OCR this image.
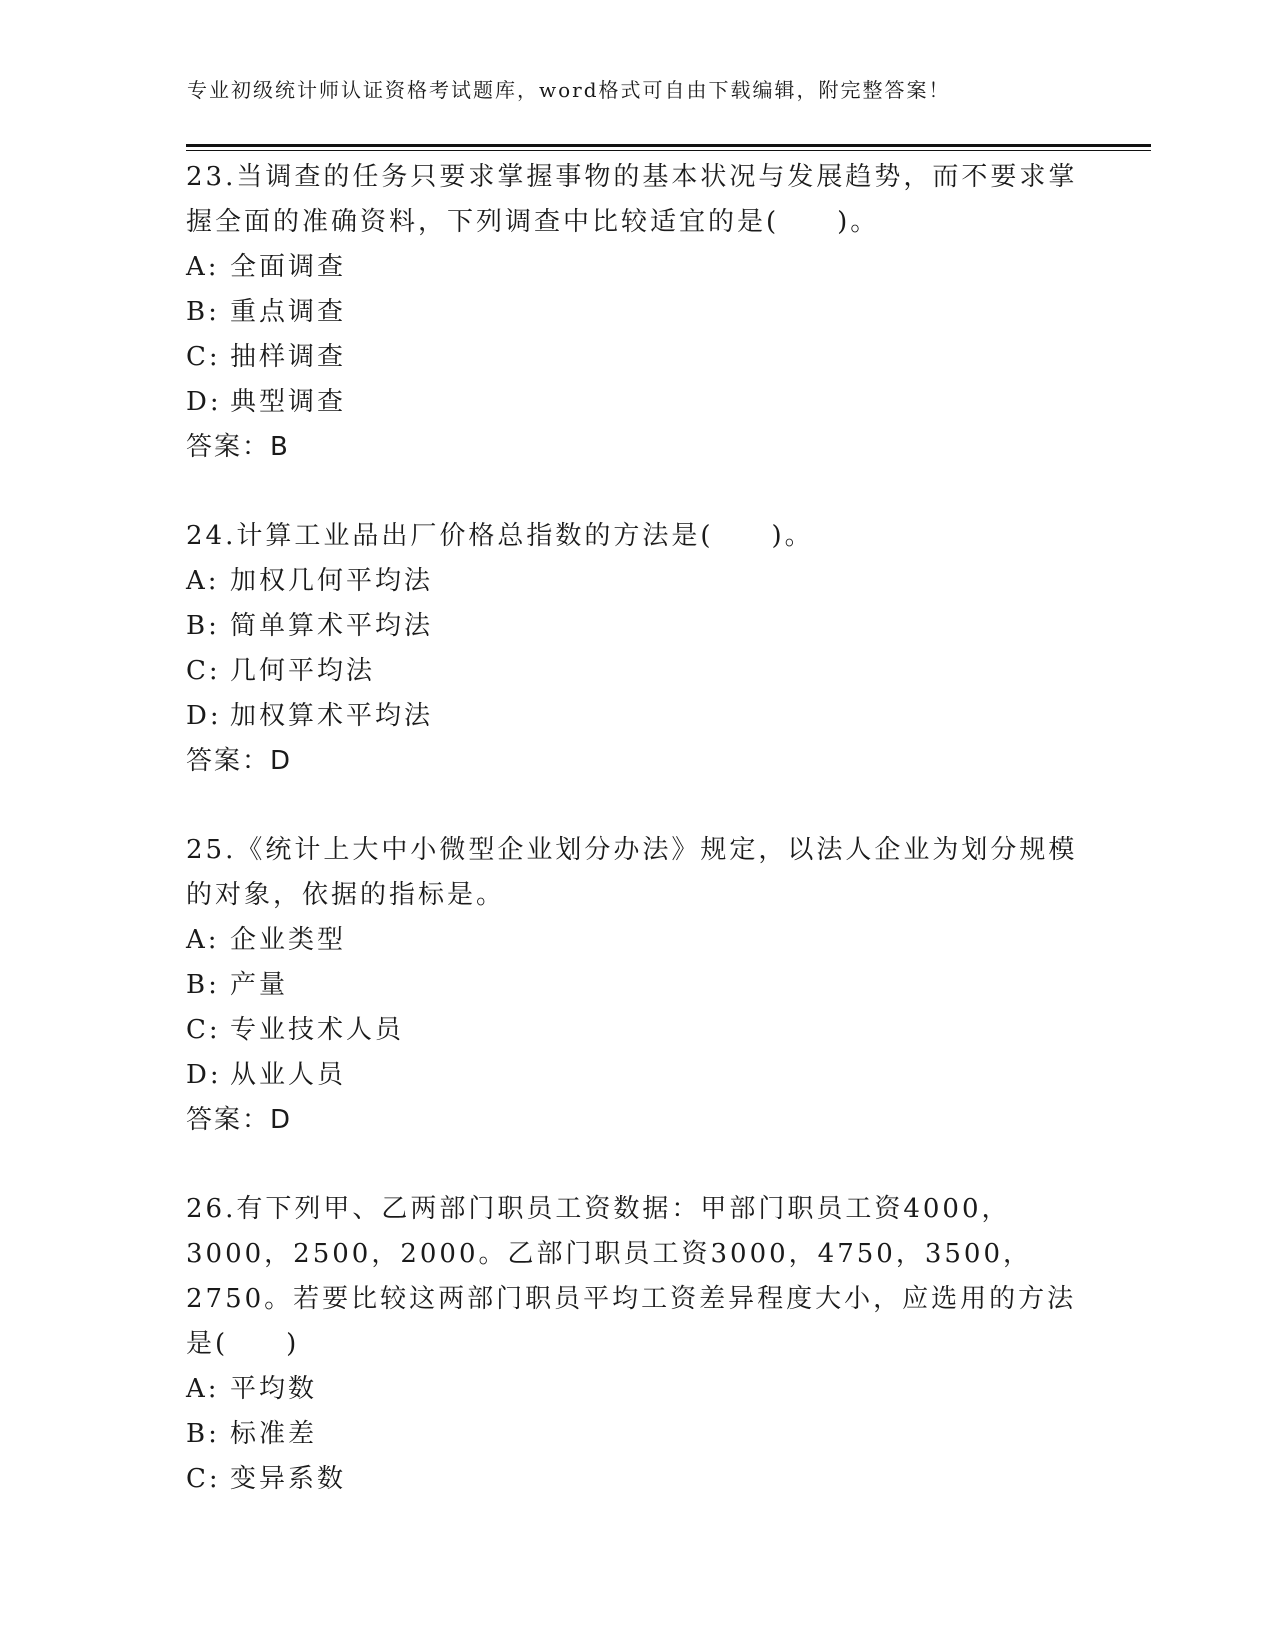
专业初级统计师认证资格考试题库，word格式可自由下载编辑，附完整答案！
23.当调查的任务只要求掌握事物的基本状况与发展趋势，而不要求掌握全面的准确资料，下列调查中比较适宜的是(　　)。
A: 全面调查
B: 重点调查
C: 抽样调查
D: 典型调查
答案：B
24.计算工业品出厂价格总指数的方法是(　　)。
A: 加权几何平均法
B: 简单算术平均法
C: 几何平均法
D: 加权算术平均法
答案：D
25.《统计上大中小微型企业划分办法》规定，以法人企业为划分规模的对象，依据的指标是。
A: 企业类型
B: 产量
C: 专业技术人员
D: 从业人员
答案：D
26.有下列甲、乙两部门职员工资数据：甲部门职员工资4000，3000，2500，2000。乙部门职员工资3000，4750，3500，2750。若要比较这两部门职员平均工资差异程度大小，应选用的方法是(　　)
A: 平均数
B: 标准差
C: 变异系数
